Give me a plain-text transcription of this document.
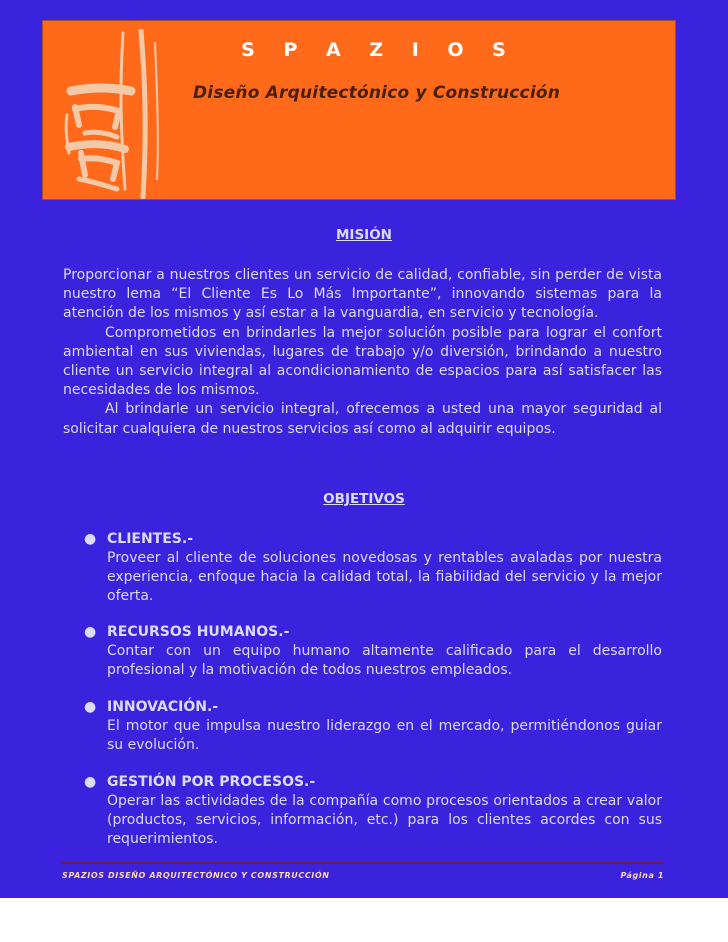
S P A Z I O S
Diseño Arquitectónico y Construcción
MISIÓN

Proporcionar a nuestros clientes un servicio de calidad, confiable, sin perder de vista nuestro lema “El Cliente Es Lo Más Importante”, innovando sistemas para la atención de los mismos y así estar a la vanguardia, en servicio y tecnología.

Comprometidos en brindarles la mejor solución posible para lograr el confort ambiental en sus viviendas, lugares de trabajo y/o diversión, brindando a nuestro cliente un servicio integral al acondicionamiento de espacios para así satisfacer las necesidades de los mismos.

Al brindarle un servicio integral, ofrecemos a usted una mayor seguridad al solicitar cualquiera de nuestros servicios así como al adquirir equipos.

OBJETIVOS
● CLIENTES.-
Proveer al cliente de soluciones novedosas y rentables avaladas por nuestra experiencia, enfoque hacia la calidad total, la fiabilidad del servicio y la mejor oferta.
● RECURSOS HUMANOS.-
Contar con un equipo humano altamente calificado para el desarrollo profesional y la motivación de todos nuestros empleados.
● INNOVACIÓN.-
El motor que impulsa nuestro liderazgo en el mercado, permitiéndonos guiar su evolución.
● GESTIÓN POR PROCESOS.-
Operar las actividades de la compañía como procesos orientados a crear valor (productos, servicios, información, etc.) para los clientes acordes con sus requerimientos.
SPAZIOS DISEÑO ARQUITECTÓNICO Y CONSTRUCCIÓN	Página 1
